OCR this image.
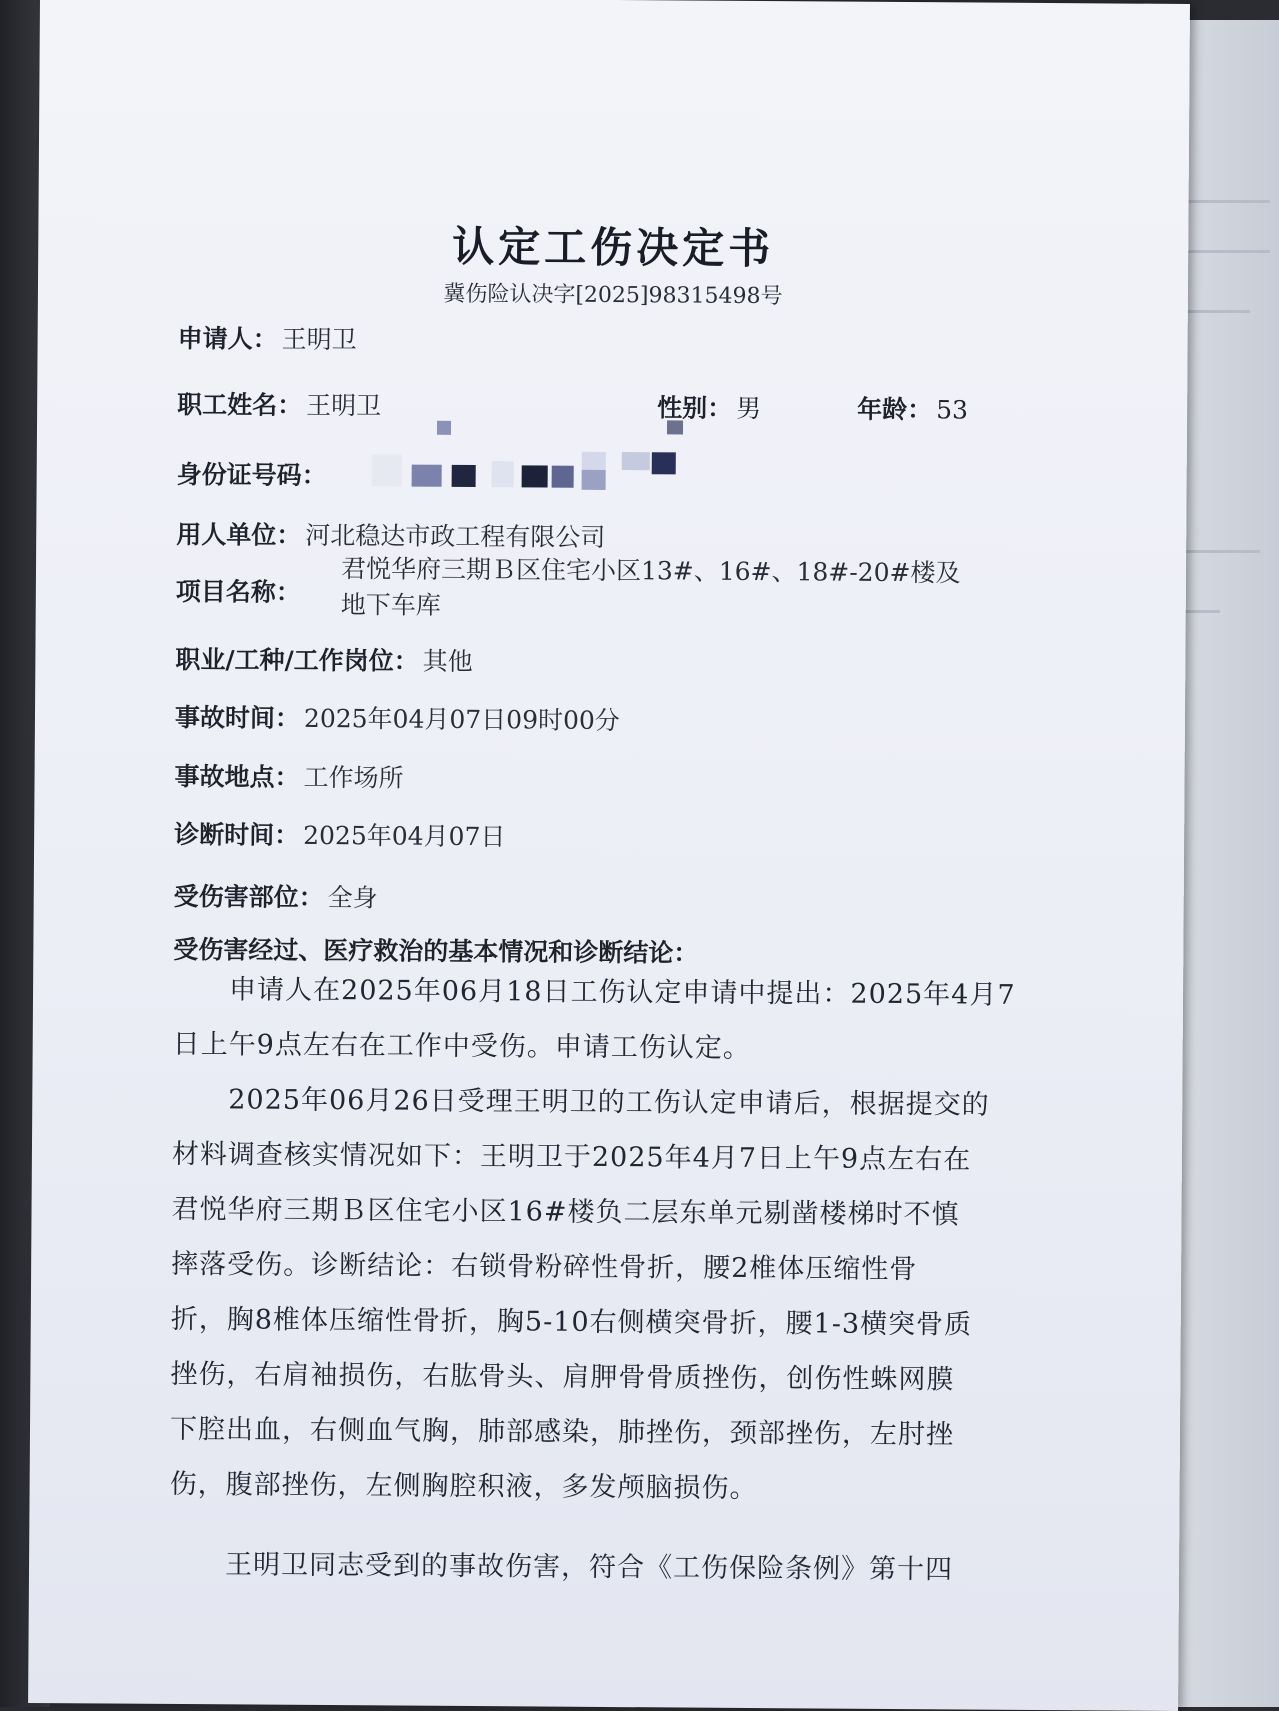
认定工伤决定书
冀伤险认决字[2025]98315498号
申请人： 王明卫
职工姓名： 王明卫	性别： 男	年龄： 53
身份证号码：
用人单位： 河北稳达市政工程有限公司
项目名称：
君悦华府三期Ｂ区住宅小区13#、16#、18#-20#楼及
地下车库
职业/工种/工作岗位： 其他
事故时间： 2025年04月07日09时00分
事故地点： 工作场所
诊断时间： 2025年04月07日
受伤害部位： 全身
受伤害经过、医疗救治的基本情况和诊断结论：
　　申请人在2025年06月18日工伤认定申请中提出：2025年4月7
日上午9点左右在工作中受伤。申请工伤认定。
　　2025年06月26日受理王明卫的工伤认定申请后，根据提交的
材料调查核实情况如下：王明卫于2025年4月7日上午9点左右在
君悦华府三期Ｂ区住宅小区16#楼负二层东单元剔凿楼梯时不慎
摔落受伤。诊断结论：右锁骨粉碎性骨折，腰2椎体压缩性骨
折，胸8椎体压缩性骨折，胸5-10右侧横突骨折，腰1-3横突骨质
挫伤，右肩袖损伤，右肱骨头、肩胛骨骨质挫伤，创伤性蛛网膜
下腔出血，右侧血气胸，肺部感染，肺挫伤，颈部挫伤，左肘挫
伤，腹部挫伤，左侧胸腔积液，多发颅脑损伤。
　　王明卫同志受到的事故伤害，符合《工伤保险条例》第十四
